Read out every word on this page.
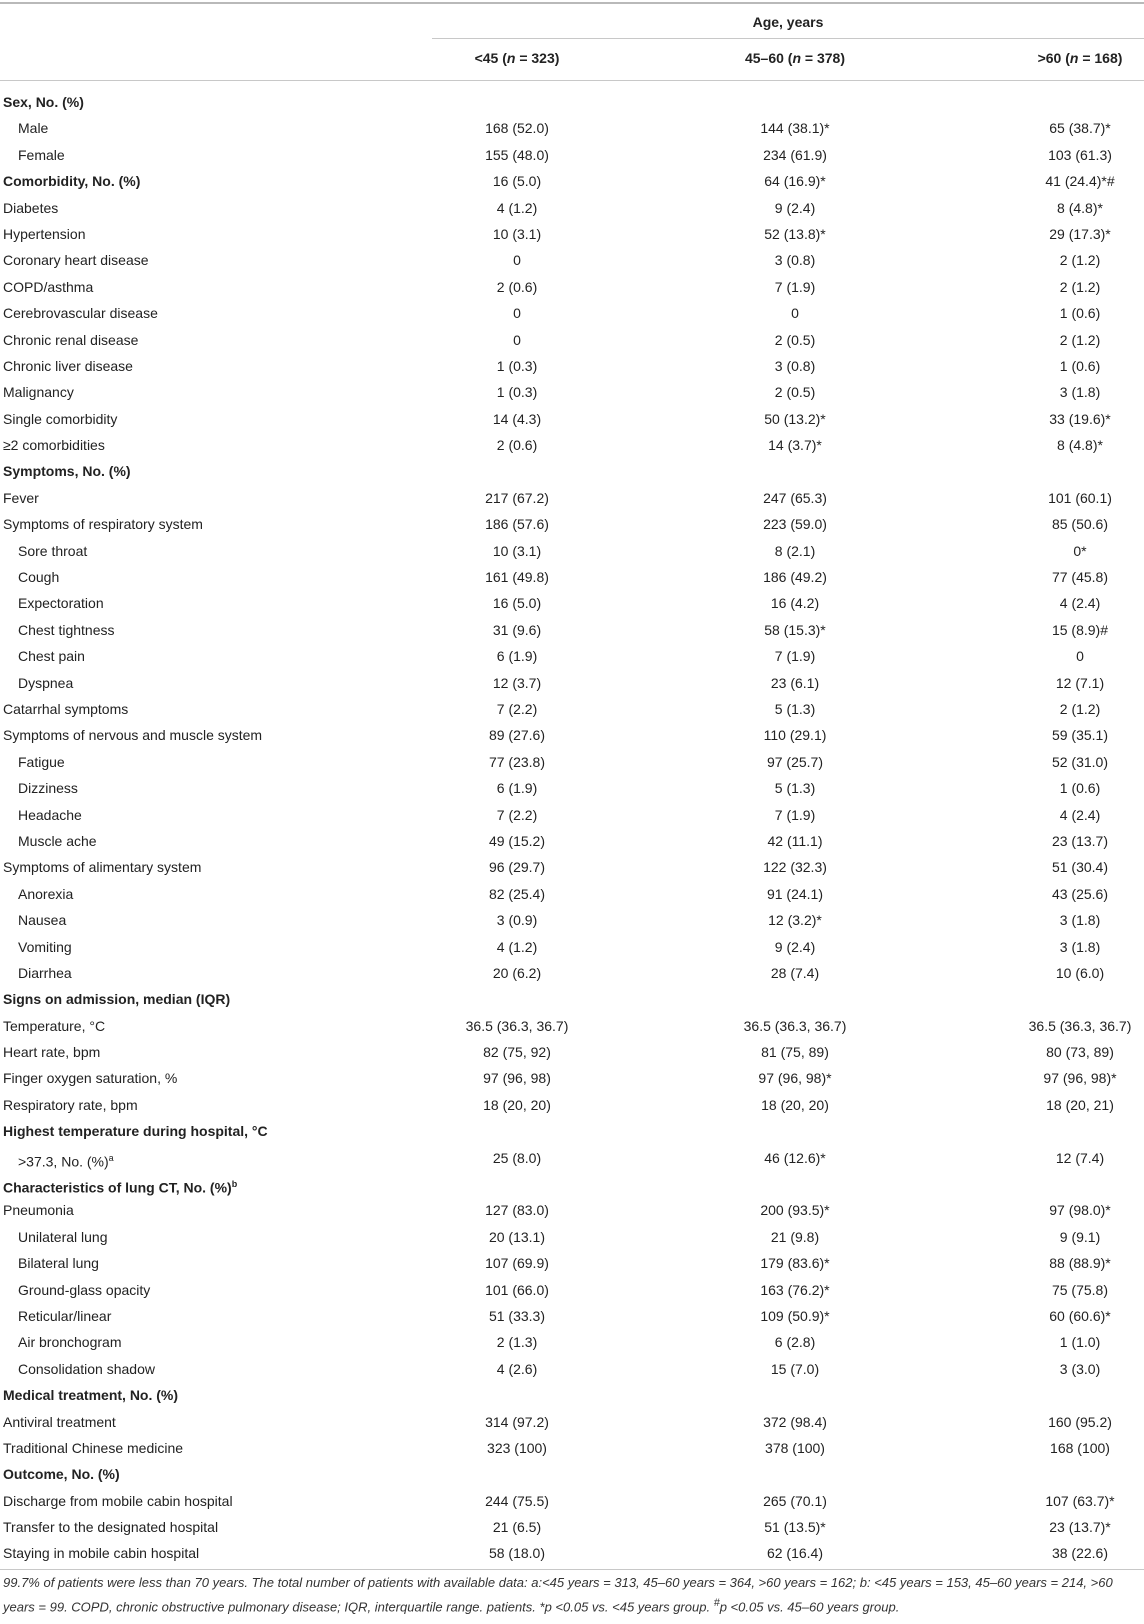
Age, years
<45 (n = 323)	45–60 (n = 378)	>60 (n = 168)
Sex, No. (%)
Male	168 (52.0)	144 (38.1)*	65 (38.7)*
Female	155 (48.0)	234 (61.9)	103 (61.3)
Comorbidity, No. (%)	16 (5.0)	64 (16.9)*	41 (24.4)*#
Diabetes	4 (1.2)	9 (2.4)	8 (4.8)*
Hypertension	10 (3.1)	52 (13.8)*	29 (17.3)*
Coronary heart disease	0	3 (0.8)	2 (1.2)
COPD/asthma	2 (0.6)	7 (1.9)	2 (1.2)
Cerebrovascular disease	0	0	1 (0.6)
Chronic renal disease	0	2 (0.5)	2 (1.2)
Chronic liver disease	1 (0.3)	3 (0.8)	1 (0.6)
Malignancy	1 (0.3)	2 (0.5)	3 (1.8)
Single comorbidity	14 (4.3)	50 (13.2)*	33 (19.6)*
≥2 comorbidities	2 (0.6)	14 (3.7)*	8 (4.8)*
Symptoms, No. (%)
Fever	217 (67.2)	247 (65.3)	101 (60.1)
Symptoms of respiratory system	186 (57.6)	223 (59.0)	85 (50.6)
Sore throat	10 (3.1)	8 (2.1)	0*
Cough	161 (49.8)	186 (49.2)	77 (45.8)
Expectoration	16 (5.0)	16 (4.2)	4 (2.4)
Chest tightness	31 (9.6)	58 (15.3)*	15 (8.9)#
Chest pain	6 (1.9)	7 (1.9)	0
Dyspnea	12 (3.7)	23 (6.1)	12 (7.1)
Catarrhal symptoms	7 (2.2)	5 (1.3)	2 (1.2)
Symptoms of nervous and muscle system	89 (27.6)	110 (29.1)	59 (35.1)
Fatigue	77 (23.8)	97 (25.7)	52 (31.0)
Dizziness	6 (1.9)	5 (1.3)	1 (0.6)
Headache	7 (2.2)	7 (1.9)	4 (2.4)
Muscle ache	49 (15.2)	42 (11.1)	23 (13.7)
Symptoms of alimentary system	96 (29.7)	122 (32.3)	51 (30.4)
Anorexia	82 (25.4)	91 (24.1)	43 (25.6)
Nausea	3 (0.9)	12 (3.2)*	3 (1.8)
Vomiting	4 (1.2)	9 (2.4)	3 (1.8)
Diarrhea	20 (6.2)	28 (7.4)	10 (6.0)
Signs on admission, median (IQR)
Temperature, °C	36.5 (36.3, 36.7)	36.5 (36.3, 36.7)	36.5 (36.3, 36.7)
Heart rate, bpm	82 (75, 92)	81 (75, 89)	80 (73, 89)
Finger oxygen saturation, %	97 (96, 98)	97 (96, 98)*	97 (96, 98)*
Respiratory rate, bpm	18 (20, 20)	18 (20, 20)	18 (20, 21)
Highest temperature during hospital, °C
>37.3, No. (%)$^a$	25 (8.0)	46 (12.6)*	12 (7.4)
Characteristics of lung CT, No. (%)$^b$
Pneumonia	127 (83.0)	200 (93.5)*	97 (98.0)*
Unilateral lung	20 (13.1)	21 (9.8)	9 (9.1)
Bilateral lung	107 (69.9)	179 (83.6)*	88 (88.9)*
Ground-glass opacity	101 (66.0)	163 (76.2)*	75 (75.8)
Reticular/linear	51 (33.3)	109 (50.9)*	60 (60.6)*
Air bronchogram	2 (1.3)	6 (2.8)	1 (1.0)
Consolidation shadow	4 (2.6)	15 (7.0)	3 (3.0)
Medical treatment, No. (%)
Antiviral treatment	314 (97.2)	372 (98.4)	160 (95.2)
Traditional Chinese medicine	323 (100)	378 (100)	168 (100)
Outcome, No. (%)
Discharge from mobile cabin hospital	244 (75.5)	265 (70.1)	107 (63.7)*
Transfer to the designated hospital	21 (6.5)	51 (13.5)*	23 (13.7)*
Staying in mobile cabin hospital	58 (18.0)	62 (16.4)	38 (22.6)
99.7% of patients were less than 70 years. The total number of patients with available data: a:<45 years = 313, 45–60 years = 364, >60 years = 162; b: <45 years = 153, 45–60 years = 214, >60 years = 99. COPD, chronic obstructive pulmonary disease; IQR, interquartile range. patients. *p <0.05 vs. <45 years group. #p <0.05 vs. 45–60 years group.
